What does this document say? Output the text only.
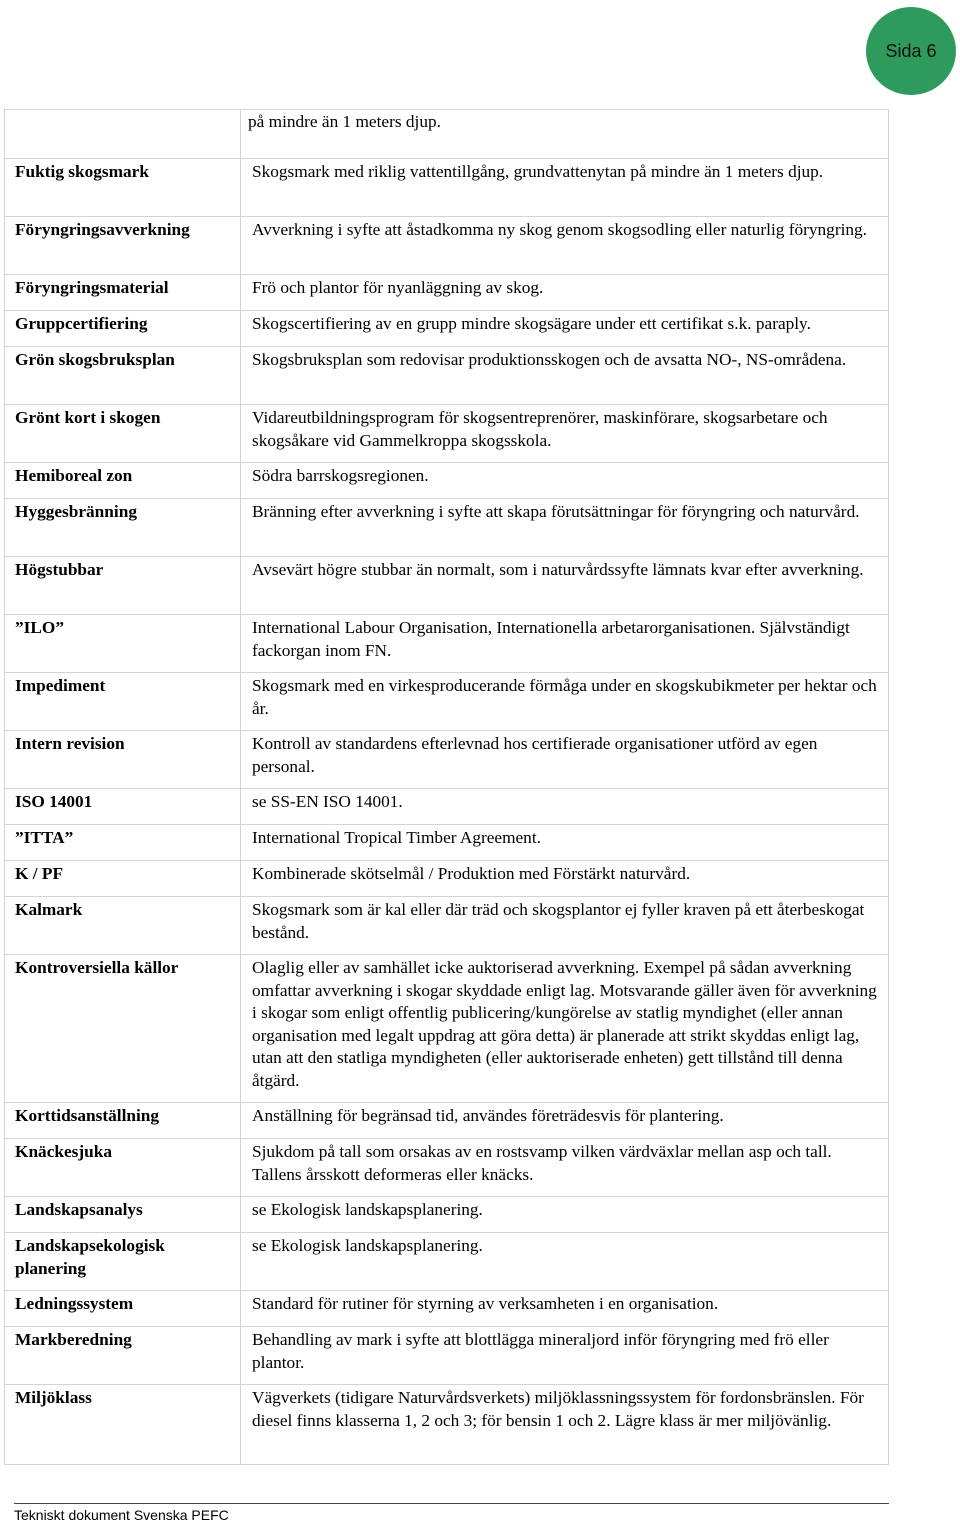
Sida 6
	på mindre än 1 meters djup.
Fuktig skogsmark	Skogsmark med riklig vattentillgång, grundvattenytan på mindre än 1 meters djup.
Föryngringsavverkning	Avverkning i syfte att åstadkomma ny skog genom skogsodling eller naturlig föryngring.
Föryngringsmaterial	Frö och plantor för nyanläggning av skog.
Gruppcertifiering	Skogscertifiering av en grupp mindre skogsägare under ett certifikat s.k. paraply.
Grön skogsbruksplan	Skogsbruksplan som redovisar produktionsskogen och de avsatta NO-, NS-områdena.
Grönt kort i skogen	Vidareutbildningsprogram för skogsentreprenörer, maskinförare, skogsarbetare och skogsåkare vid Gammelkroppa skogsskola.
Hemiboreal zon	Södra barrskogsregionen.
Hyggesbränning	Bränning efter avverkning i syfte att skapa förutsättningar för föryngring och naturvård.
Högstubbar	Avsevärt högre stubbar än normalt, som i naturvårdssyfte lämnats kvar efter avverkning.
”ILO”	International Labour Organisation, Internationella arbetarorganisationen. Självständigt fackorgan inom FN.
Impediment	Skogsmark med en virkesproducerande förmåga under en skogskubikmeter per hektar och år.
Intern revision	Kontroll av standardens efterlevnad hos certifierade organisationer utförd av egen personal.
ISO 14001	se SS-EN ISO 14001.
”ITTA”	International Tropical Timber Agreement.
K / PF	Kombinerade skötselmål / Produktion med Förstärkt naturvård.
Kalmark	Skogsmark som är kal eller där träd och skogsplantor ej fyller kraven på ett återbeskogat bestånd.
Kontroversiella källor	Olaglig eller av samhället icke auktoriserad avverkning. Exempel på sådan avverkning omfattar avverkning i skogar skyddade enligt lag. Motsvarande gäller även för avverkning i skogar som enligt offentlig publicering/kungörelse av statlig myndighet (eller annan organisation med legalt uppdrag att göra detta) är planerade att strikt skyddas enligt lag, utan att den statliga myndigheten (eller auktoriserade enheten) gett tillstånd till denna åtgärd.
Korttidsanställning	Anställning för begränsad tid, användes företrädesvis för plantering.
Knäckesjuka	Sjukdom på tall som orsakas av en rostsvamp vilken värdväxlar mellan asp och tall. Tallens årsskott deformeras eller knäcks.
Landskapsanalys	se Ekologisk landskapsplanering.
Landskapsekologisk planering	se Ekologisk landskapsplanering.
Ledningssystem	Standard för rutiner för styrning av verksamheten i en organisation.
Markberedning	Behandling av mark i syfte att blottlägga mineraljord inför föryngring med frö eller plantor.
Miljöklass	Vägverkets (tidigare Naturvårdsverkets) miljöklassningssystem för fordonsbränslen. För diesel finns klasserna 1, 2 och 3; för bensin 1 och 2. Lägre klass är mer miljövänlig.
Tekniskt dokument Svenska PEFC
